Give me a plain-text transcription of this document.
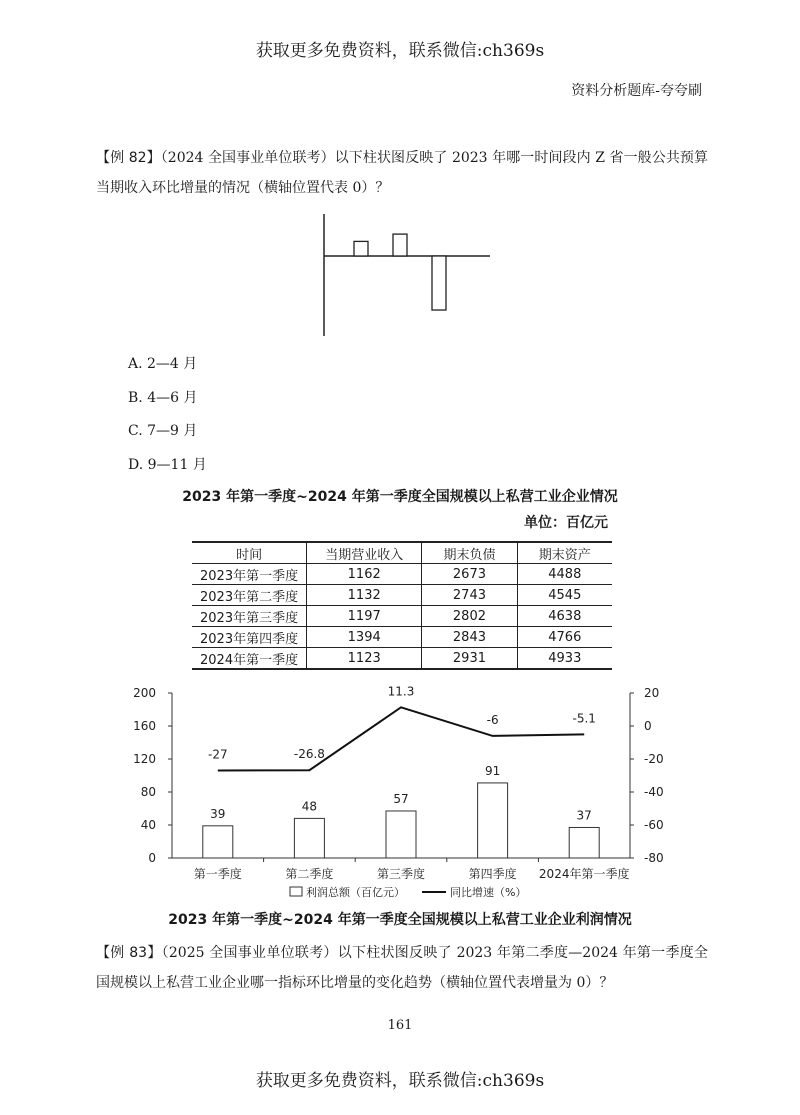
获取更多免费资料，联系微信:ch369s
资料分析题库-夸夸刷
【例 82】（2024 全国事业单位联考）以下柱状图反映了 2023 年哪一时间段内 Z 省一般公共预算当期收入环比增量的情况（横轴位置代表 0）？
A. 2—4 月
B. 4—6 月
C. 7—9 月
D. 9—11 月
2023 年第一季度~2024 年第一季度全国规模以上私营工业企业情况
单位：百亿元
时间	当期营业收入	期末负债	期末资产
2023年第一季度	1162	2673	4488
2023年第二季度	1132	2743	4545
2023年第三季度	1197	2802	4638
2023年第四季度	1394	2843	4766
2024年第一季度	1123	2931	4933
0
40
80
120
160
200
-80
-60
-40
-20
0
20
第一季度	第二季度	第三季度	第四季度 2024年第一季度
39
48
57
91
37
-27	-26.8
11.3
-6	-5.1
利润总额（百亿元）	同比增速（%）
2023 年第一季度~2024 年第一季度全国规模以上私营工业企业利润情况
【例 83】（2025 全国事业单位联考）以下柱状图反映了 2023 年第二季度—2024 年第一季度全国规模以上私营工业企业哪一指标环比增量的变化趋势（横轴位置代表增量为 0）？
161
获取更多免费资料，联系微信:ch369s
